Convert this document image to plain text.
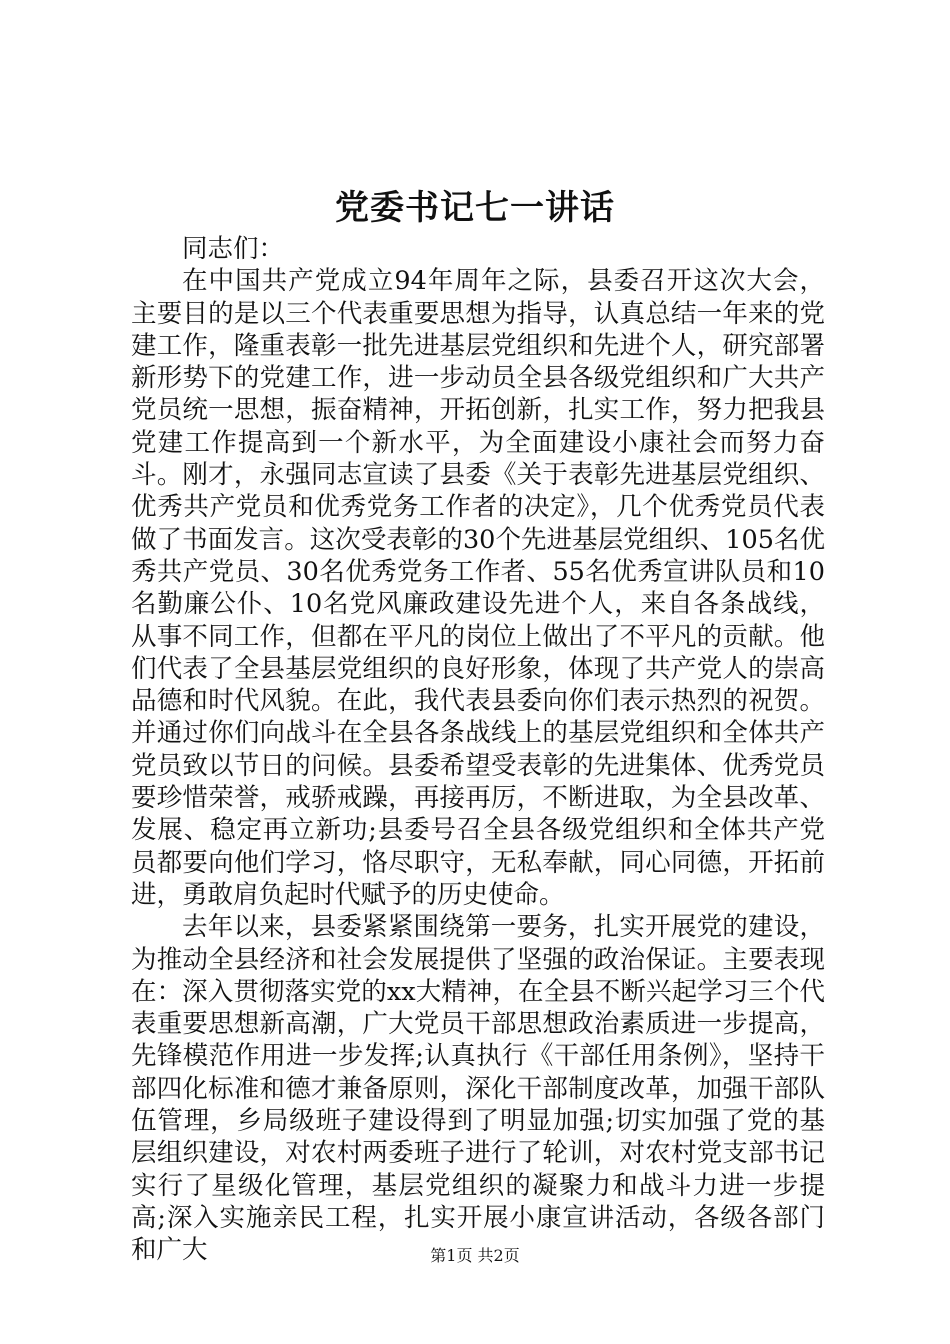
党委书记七一讲话

同志们：

在中国共产党成立94年周年之际，县委召开这次大会，主要目的是以三个代表重要思想为指导，认真总结一年来的党建工作，隆重表彰一批先进基层党组织和先进个人，研究部署新形势下的党建工作，进一步动员全县各级党组织和广大共产党员统一思想，振奋精神，开拓创新，扎实工作，努力把我县党建工作提高到一个新水平，为全面建设小康社会而努力奋斗。刚才，永强同志宣读了县委《关于表彰先进基层党组织、优秀共产党员和优秀党务工作者的决定》，几个优秀党员代表做了书面发言。这次受表彰的30个先进基层党组织、105名优秀共产党员、30名优秀党务工作者、55名优秀宣讲队员和10名勤廉公仆、10名党风廉政建设先进个人，来自各条战线，从事不同工作，但都在平凡的岗位上做出了不平凡的贡献。他们代表了全县基层党组织的良好形象，体现了共产党人的崇高品德和时代风貌。在此，我代表县委向你们表示热烈的祝贺。并通过你们向战斗在全县各条战线上的基层党组织和全体共产党员致以节日的问候。县委希望受表彰的先进集体、优秀党员要珍惜荣誉，戒骄戒躁，再接再厉，不断进取，为全县改革、发展、稳定再立新功;县委号召全县各级党组织和全体共产党员都要向他们学习，恪尽职守，无私奉献，同心同德，开拓前进，勇敢肩负起时代赋予的历史使命。

去年以来，县委紧紧围绕第一要务，扎实开展党的建设，为推动全县经济和社会发展提供了坚强的政治保证。主要表现在：深入贯彻落实党的xx大精神，在全县不断兴起学习三个代表重要思想新高潮，广大党员干部思想政治素质进一步提高，先锋模范作用进一步发挥;认真执行《干部任用条例》，坚持干部四化标准和德才兼备原则，深化干部制度改革，加强干部队伍管理，乡局级班子建设得到了明显加强;切实加强了党的基层组织建设，对农村两委班子进行了轮训，对农村党支部书记实行了星级化管理，基层党组织的凝聚力和战斗力进一步提高;深入实施亲民工程，扎实开展小康宣讲活动，各级各部门和广大	第1页 共2页
